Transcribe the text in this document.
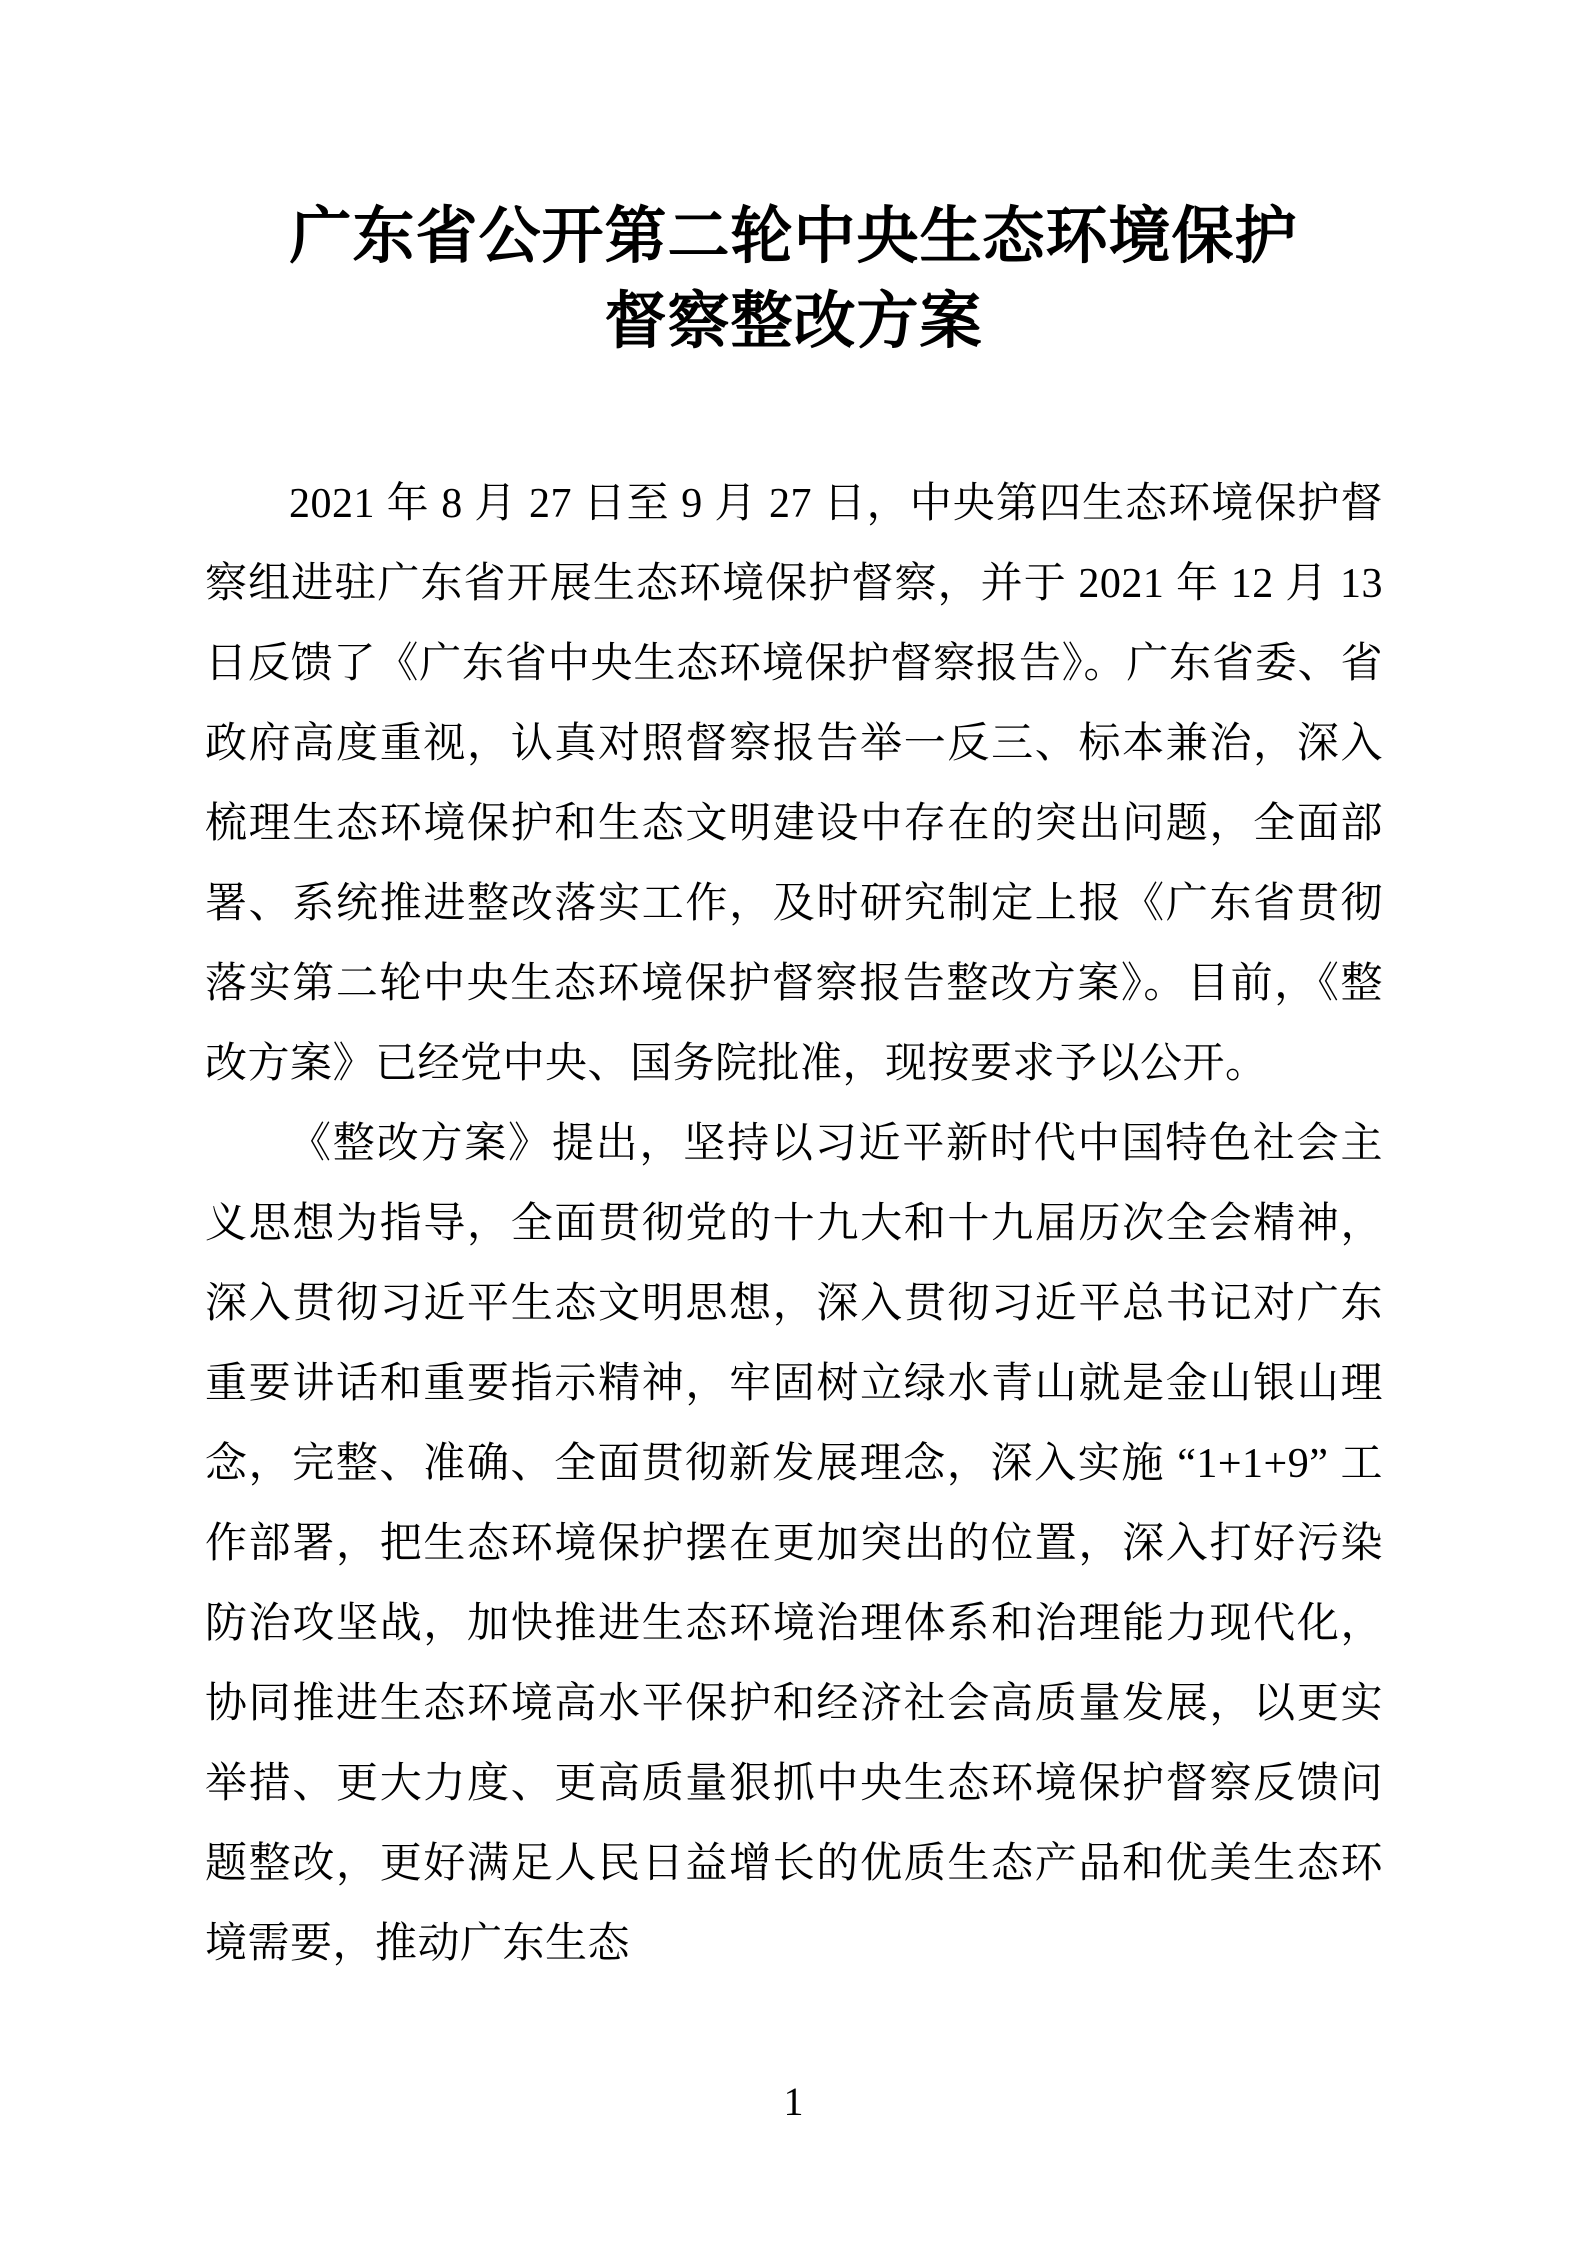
广东省公开第二轮中央生态环境保护
督察整改方案

2021 年 8 月 27 日至 9 月 27 日，中央第四生态环境保护督察组进驻广东省开展生态环境保护督察，并于 2021 年 12 月 13 日反馈了《广东省中央生态环境保护督察报告》。广东省委、省政府高度重视，认真对照督察报告举一反三、标本兼治，深入梳理生态环境保护和生态文明建设中存在的突出问题，全面部署、系统推进整改落实工作，及时研究制定上报《广东省贯彻落实第二轮中央生态环境保护督察报告整改方案》。目前，《整改方案》已经党中央、国务院批准，现按要求予以公开。

《整改方案》提出，坚持以习近平新时代中国特色社会主义思想为指导，全面贯彻党的十九大和十九届历次全会精神，深入贯彻习近平生态文明思想，深入贯彻习近平总书记对广东重要讲话和重要指示精神，牢固树立绿水青山就是金山银山理念，完整、准确、全面贯彻新发展理念，深入实施 “1+1+9” 工作部署，把生态环境保护摆在更加突出的位置，深入打好污染防治攻坚战，加快推进生态环境治理体系和治理能力现代化，协同推进生态环境高水平保护和经济社会高质量发展，以更实举措、更大力度、更高质量狠抓中央生态环境保护督察反馈问题整改，更好满足人民日益增长的优质生态产品和优美生态环境需要，推动广东生态

1
